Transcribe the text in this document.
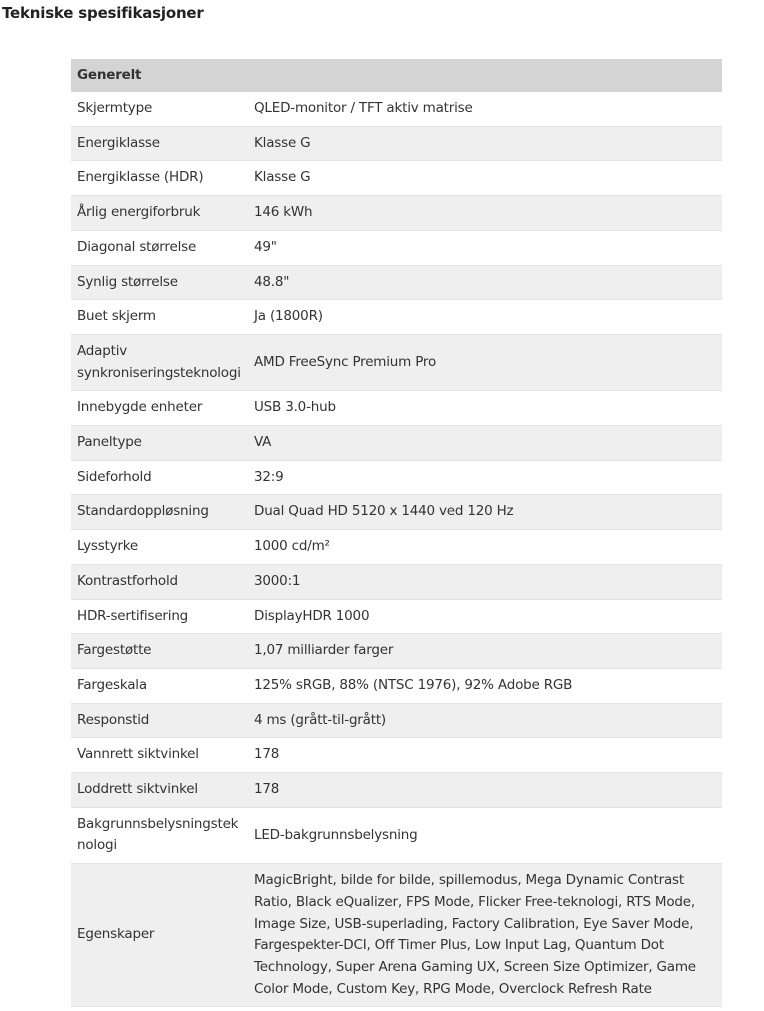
Tekniske spesifikasjoner
Generelt	
Skjermtype	QLED-monitor / TFT aktiv matrise
Energiklasse	Klasse G
Energiklasse (HDR)	Klasse G
Årlig energiforbruk	146 kWh
Diagonal størrelse	49"
Synlig størrelse	48.8"
Buet skjerm	Ja (1800R)
Adaptiv
synkroniseringsteknologi	AMD FreeSync Premium Pro
Innebygde enheter	USB 3.0-hub
Paneltype	VA
Sideforhold	32:9
Standardoppløsning	Dual Quad HD 5120 x 1440 ved 120 Hz
Lysstyrke	1000 cd/m²
Kontrastforhold	3000:1
HDR-sertifisering	DisplayHDR 1000
Fargestøtte	1,07 milliarder farger
Fargeskala	125% sRGB, 88% (NTSC 1976), 92% Adobe RGB
Responstid	4 ms (grått-til-grått)
Vannrett siktvinkel	178
Loddrett siktvinkel	178
Bakgrunnsbelysningstek
nologi	LED-bakgrunnsbelysning
Egenskaper	MagicBright, bilde for bilde, spillemodus, Mega Dynamic Contrast Ratio, Black eQualizer, FPS Mode, Flicker Free-teknologi, RTS Mode, Image Size, USB-superlading, Factory Calibration, Eye Saver Mode, Fargespekter-DCI, Off Timer Plus, Low Input Lag, Quantum Dot Technology, Super Arena Gaming UX, Screen Size Optimizer, Game Color Mode, Custom Key, RPG Mode, Overclock Refresh Rate
